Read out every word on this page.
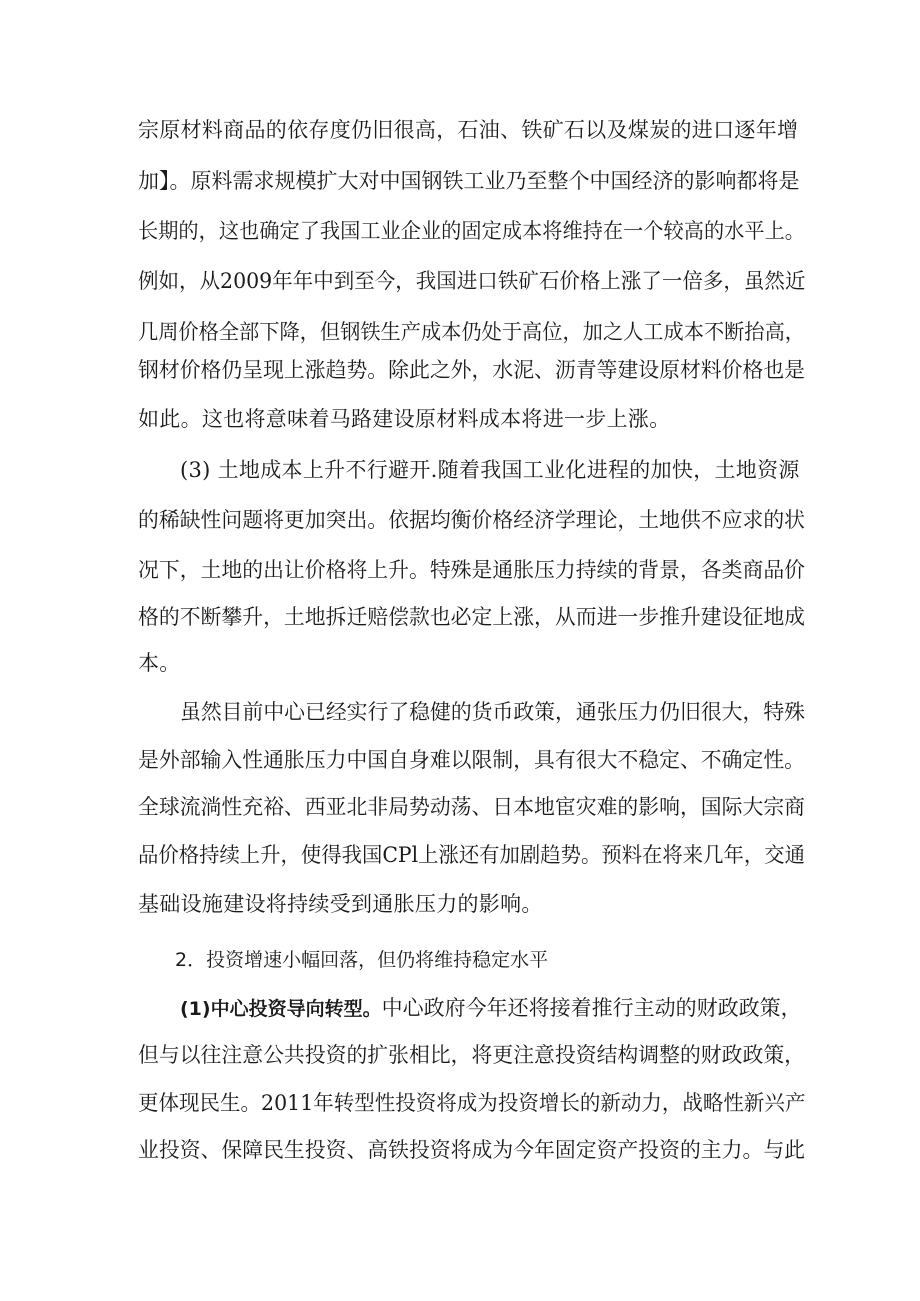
宗原材料商品的依存度仍旧很高，石油、铁矿石以及煤炭的进口逐年增
加】。原料需求规模扩大对中国钢铁工业乃至整个中国经济的影响都将是
长期的，这也确定了我国工业企业的固定成本将维持在一个较高的水平上。
例如，从2009年年中到至今，我国进口铁矿石价格上涨了一倍多，虽然近
几周价格全部下降，但钢铁生产成本仍处于高位，加之人工成本不断抬高，
钢材价格仍呈现上涨趋势。除此之外，水泥、沥青等建设原材料价格也是
如此。这也将意味着马路建设原材料成本将进一步上涨。
(3) 土地成本上升不行避开.随着我国工业化进程的加快，土地资源
的稀缺性问题将更加突出。依据均衡价格经济学理论，土地供不应求的状
况下，土地的出让价格将上升。特殊是通胀压力持续的背景，各类商品价
格的不断攀升，土地拆迁赔偿款也必定上涨，从而进一步推升建设征地成
本。
虽然目前中心已经实行了稳健的货币政策，通张压力仍旧很大，特殊
是外部输入性通胀压力中国自身难以限制，具有很大不稳定、不确定性。
全球流淌性充裕、西亚北非局势动荡、日本地宦灾难的影响，国际大宗商
品价格持续上升，使得我国CPl上涨还有加剧趋势。预料在将来几年，交通
基础设施建设将持续受到通胀压力的影响。
2．投资增速小幅回落，但仍将维持稳定水平
(1)中心投资导向转型。中心政府今年还将接着推行主动的财政政策，
但与以往注意公共投资的扩张相比，将更注意投资结构调整的财政政策，
更体现民生。2011年转型性投资将成为投资增长的新动力，战略性新兴产
业投资、保障民生投资、高铁投资将成为今年固定资产投资的主力。与此
